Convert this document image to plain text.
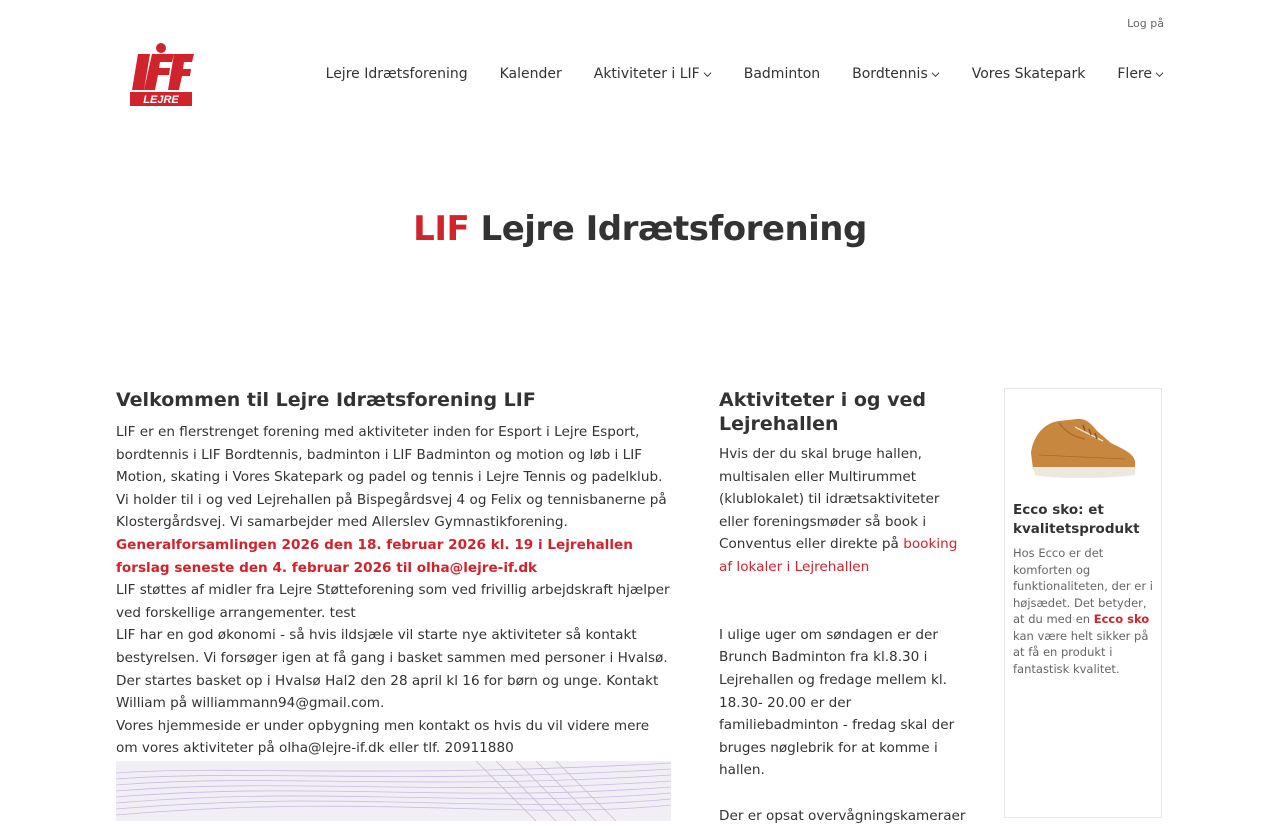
Log på
LEJRE
Lejre Idrætsforening Kalender Aktiviteter i LIF	Badminton Bordtennis	Vores Skatepark Flere
LIF Lejre Idrætsforening
Velkommen til Lejre Idrætsforening LIF

LIF er en flerstrenget forening med aktiviteter inden for Esport i Lejre Esport, bordtennis i LIF Bordtennis, badminton i LIF Badminton og motion og løb i LIF Motion, skating i Vores Skatepark og padel og tennis i Lejre Tennis og padelklub. Vi holder til i og ved Lejrehallen på Bispegårdsvej 4 og Felix og tennisbanerne på Klostergårdsvej. Vi samarbejder med Allerslev Gymnastikforening.

Generalforsamlingen 2026 den 18. februar 2026 kl. 19 i Lejrehallen forslag seneste den 4. februar 2026 til olha@lejre-if.dk

LIF støttes af midler fra Lejre Støtteforening som ved frivillig arbejdskraft hjælper ved forskellige arrangementer. test

LIF har en god økonomi - så hvis ildsjæle vil starte nye aktiviteter så kontakt bestyrelsen. Vi forsøger igen at få gang i basket sammen med personer i Hvalsø. Der startes basket op i Hvalsø Hal2 den 28 april kl 16 for børn og unge. Kontakt William på williammann94@gmail.com.

Vores hjemmeside er under opbygning men kontakt os hvis du vil videre mere om vores aktiviteter på olha@lejre-if.dk eller tlf. 20911880

Aktiviteter i og ved Lejrehallen

Hvis der du skal bruge hallen, multisalen eller Multirummet (klublokalet) til idrætsaktiviteter eller foreningsmøder så book i Conventus eller direkte på booking af lokaler i Lejrehallen

I ulige uger om søndagen er der Brunch Badminton fra kl.8.30 i Lejrehallen og fredage mellem kl. 18.30- 20.00 er der familiebadminton - fredag skal der bruges nøglebrik for at komme i hallen.

Der er opsat overvågningskameraer

Ecco sko: et kvalitetsprodukt
Hos Ecco er det komforten og funktionaliteten, der er i højsædet. Det betyder, at du med en Ecco sko kan være helt sikker på at få en produkt i fantastisk kvalitet.
